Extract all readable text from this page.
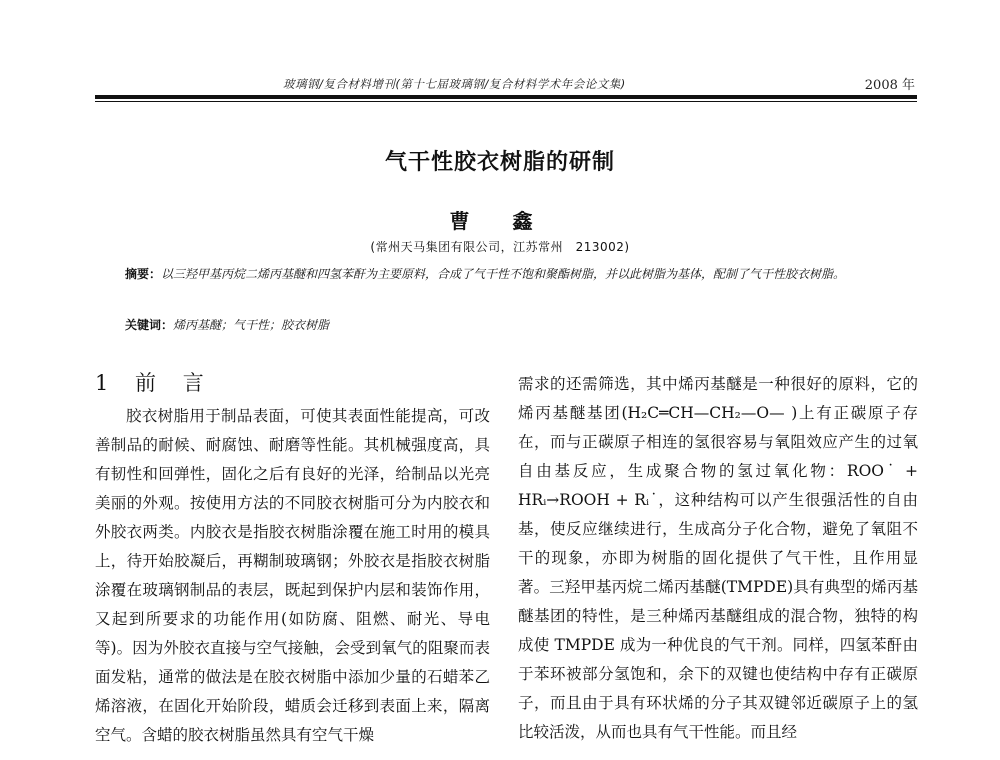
玻璃钢/复合材料增刊(第十七届玻璃钢/复合材料学术年会论文集)	2008 年
气干性胶衣树脂的研制
曹 鑫
(常州天马集团有限公司，江苏常州　213002)
摘要：以三羟甲基丙烷二烯丙基醚和四氢苯酐为主要原料，合成了气干性不饱和聚酯树脂，并以此树脂为基体，配制了气干性胶衣树脂。
关键词：烯丙基醚；气干性；胶衣树脂
1 前 言
胶衣树脂用于制品表面，可使其表面性能提高，可改善制品的耐候、耐腐蚀、耐磨等性能。其机械强度高，具有韧性和回弹性，固化之后有良好的光泽，给制品以光亮美丽的外观。按使用方法的不同胶衣树脂可分为内胶衣和外胶衣两类。内胶衣是指胶衣树脂涂覆在施工时用的模具上，待开始胶凝后，再糊制玻璃钢；外胶衣是指胶衣树脂涂覆在玻璃钢制品的表层，既起到保护内层和装饰作用，又起到所要求的功能作用(如防腐、阻燃、耐光、导电等)。因为外胶衣直接与空气接触，会受到氧气的阻聚而表面发粘，通常的做法是在胶衣树脂中添加少量的石蜡苯乙烯溶液，在固化开始阶段，蜡质会迁移到表面上来，隔离空气。含蜡的胶衣树脂虽然具有空气干燥
需求的还需筛选，其中烯丙基醚是一种很好的原料，它的烯丙基醚基团(H₂C═CH—CH₂—O— )上有正碳原子存在，而与正碳原子相连的氢很容易与氧阻效应产生的过氧自由基反应，生成聚合物的氢过氧化物：ROO˙ + HRᵢ→ROOH + Rᵢ˙，这种结构可以产生很强活性的自由基，使反应继续进行，生成高分子化合物，避免了氧阻不干的现象，亦即为树脂的固化提供了气干性，且作用显著。三羟甲基丙烷二烯丙基醚(TMPDE)具有典型的烯丙基醚基团的特性，是三种烯丙基醚组成的混合物，独特的构成使 TMPDE 成为一种优良的气干剂。同样，四氢苯酐由于苯环被部分氢饱和，余下的双键也使结构中存有正碳原子，而且由于具有环状烯的分子其双键邻近碳原子上的氢比较活泼，从而也具有气干性能。而且经
